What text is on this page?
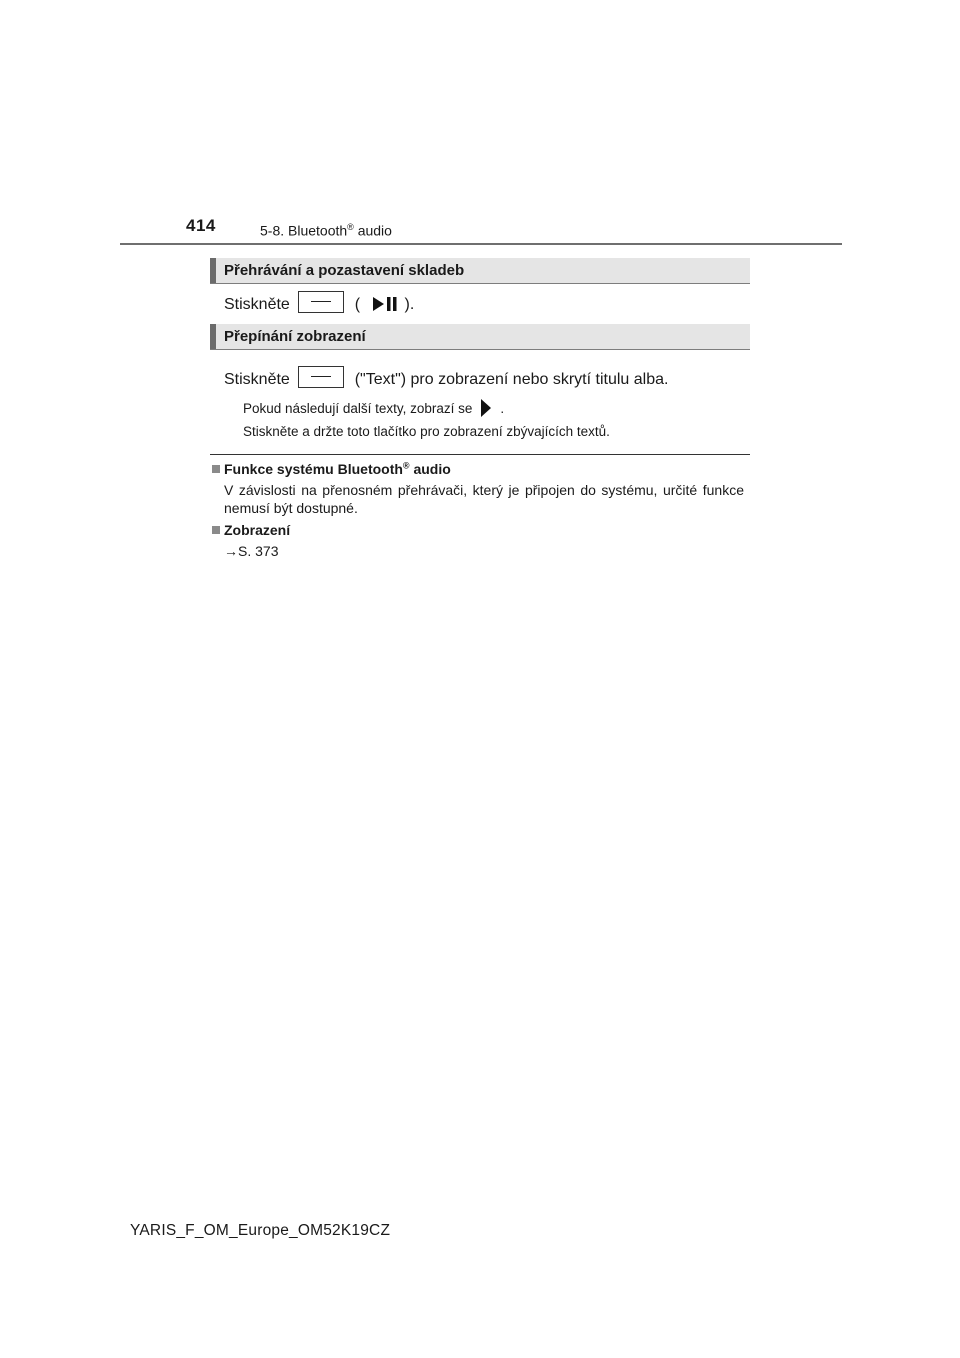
414	5-8. Bluetooth® audio
Přehrávání a pozastavení skladeb
Stiskněte	(	).
Přepínání zobrazení
Stiskněte	("Text") pro zobrazení nebo skrytí titulu alba.
Pokud následují další texty, zobrazí se .
Stiskněte a držte toto tlačítko pro zobrazení zbývajících textů.
Funkce systému Bluetooth® audio
V závislosti na přenosném přehrávači, který je připojen do systému, určité funkce nemusí být dostupné.
Zobrazení
→S. 373
YARIS_F_OM_Europe_OM52K19CZ
